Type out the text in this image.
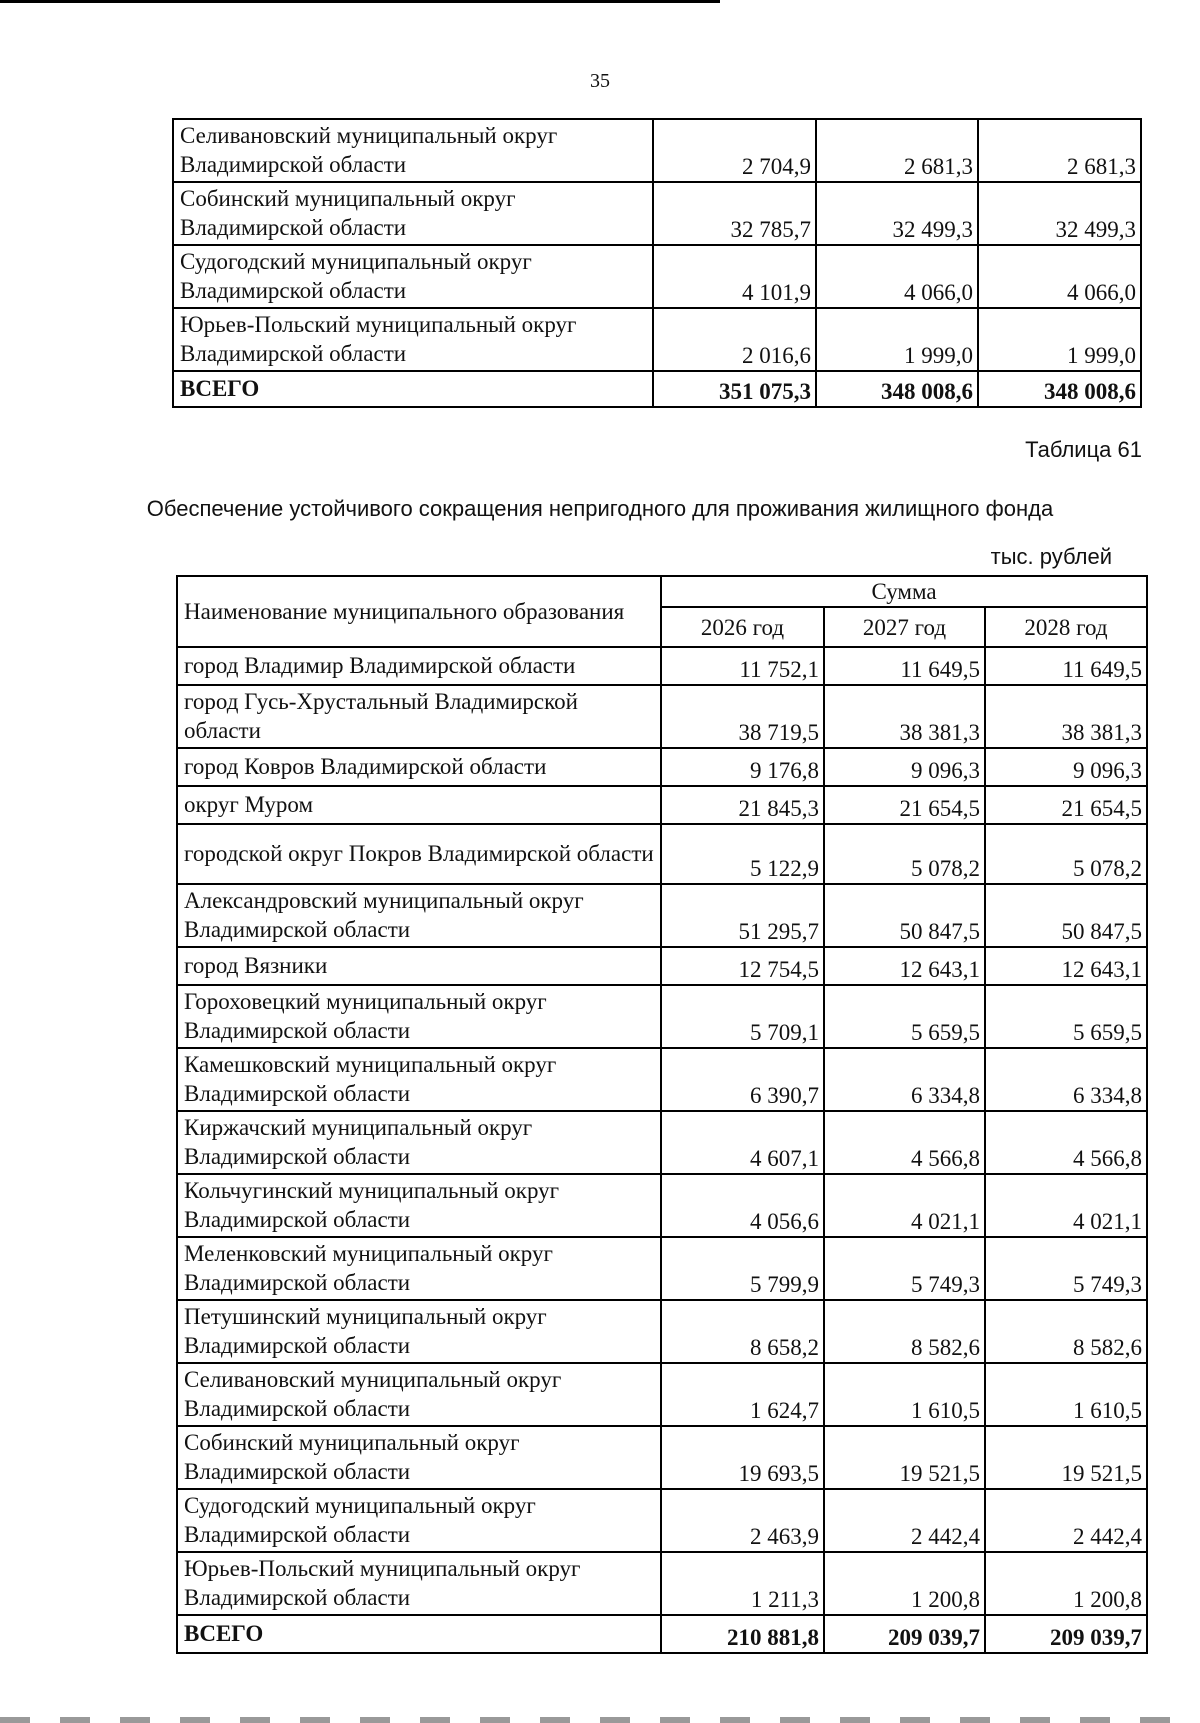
35
Селивановский муниципальный округ Владимирской области	2 704,9	2 681,3	2 681,3
Собинский муниципальный округ Владимирской области	32 785,7	32 499,3	32 499,3
Судогодский муниципальный округ Владимирской области	4 101,9	4 066,0	4 066,0
Юрьев-Польский муниципальный округ Владимирской области	2 016,6	1 999,0	1 999,0
ВСЕГО	351 075,3	348 008,6	348 008,6
Таблица 61
Обеспечение устойчивого сокращения непригодного для проживания жилищного фонда
тыс. рублей
Наименование муниципального образования	Сумма		
	2026 год	2027 год	2028 год
город Владимир Владимирской области	11 752,1	11 649,5	11 649,5
город Гусь-Хрустальный Владимирской области	38 719,5	38 381,3	38 381,3
город Ковров Владимирской области	9 176,8	9 096,3	9 096,3
округ Муром	21 845,3	21 654,5	21 654,5
городской округ Покров Владимирской области	5 122,9	5 078,2	5 078,2
Александровский муниципальный округ Владимирской области	51 295,7	50 847,5	50 847,5
город Вязники	12 754,5	12 643,1	12 643,1
Гороховецкий муниципальный округ Владимирской области	5 709,1	5 659,5	5 659,5
Камешковский муниципальный округ Владимирской области	6 390,7	6 334,8	6 334,8
Киржачский муниципальный округ Владимирской области	4 607,1	4 566,8	4 566,8
Кольчугинский муниципальный округ Владимирской области	4 056,6	4 021,1	4 021,1
Меленковский муниципальный округ Владимирской области	5 799,9	5 749,3	5 749,3
Петушинский муниципальный округ Владимирской области	8 658,2	8 582,6	8 582,6
Селивановский муниципальный округ Владимирской области	1 624,7	1 610,5	1 610,5
Собинский муниципальный округ Владимирской области	19 693,5	19 521,5	19 521,5
Судогодский муниципальный округ Владимирской области	2 463,9	2 442,4	2 442,4
Юрьев-Польский муниципальный округ Владимирской области	1 211,3	1 200,8	1 200,8
ВСЕГО	210 881,8	209 039,7	209 039,7
